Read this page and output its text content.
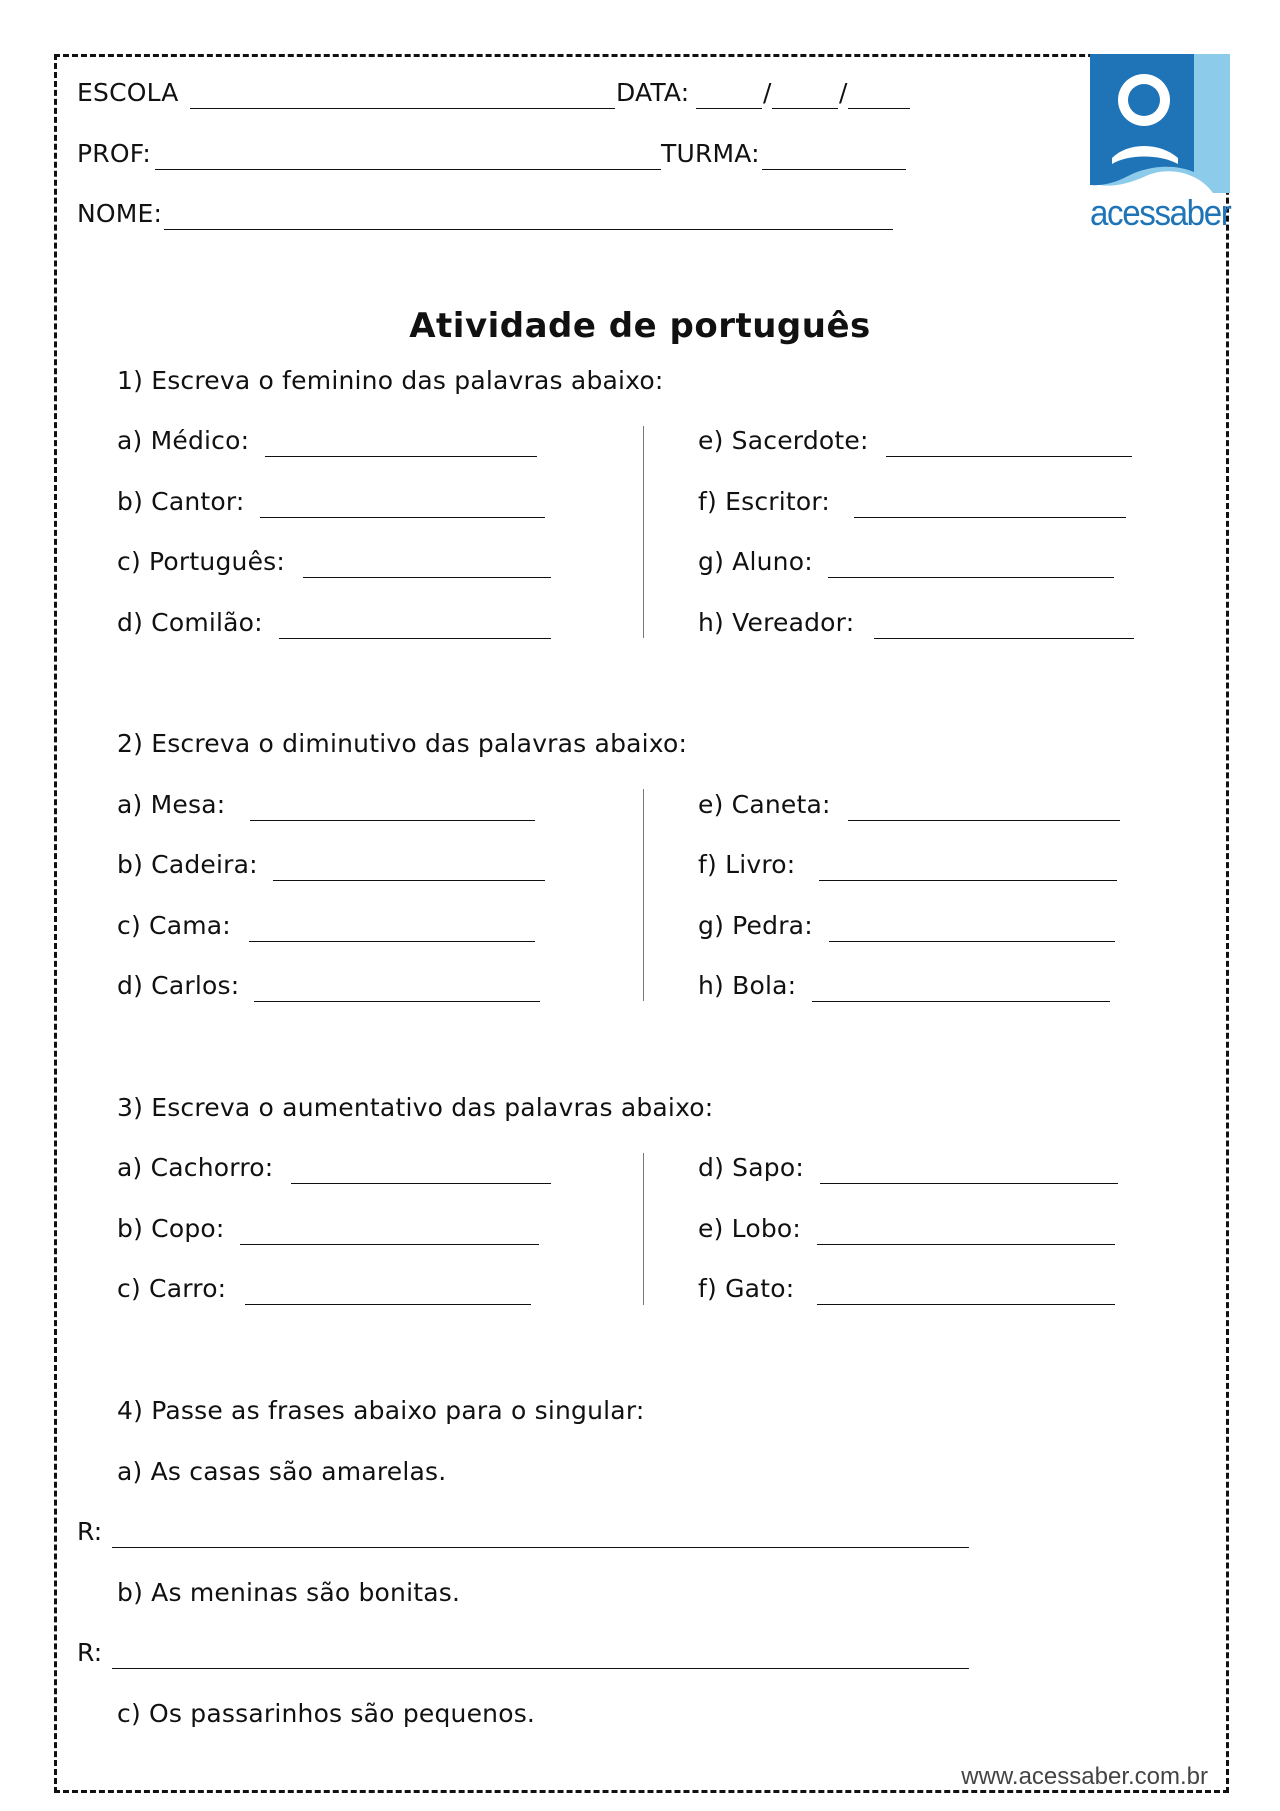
ESCOLA	DATA:	/	/
PROF:	TURMA:
NOME:	acessaber
Atividade de português
1) Escreva o feminino das palavras abaixo:
a) Médico:
b) Cantor:
c) Português:
d) Comilão:
e) Sacerdote:
f) Escritor:
g) Aluno:
h) Vereador:
2) Escreva o diminutivo das palavras abaixo:
a) Mesa:
b) Cadeira:
c) Cama:
d) Carlos:
e) Caneta:
f) Livro:
g) Pedra:
h) Bola:
3) Escreva o aumentativo das palavras abaixo:
a) Cachorro:
b) Copo:
c) Carro:
d) Sapo:
e) Lobo:
f) Gato:
4) Passe as frases abaixo para o singular:
a) As casas são amarelas.
R:
b) As meninas são bonitas.
R:
c) Os passarinhos são pequenos.
www.acessaber.com.br
